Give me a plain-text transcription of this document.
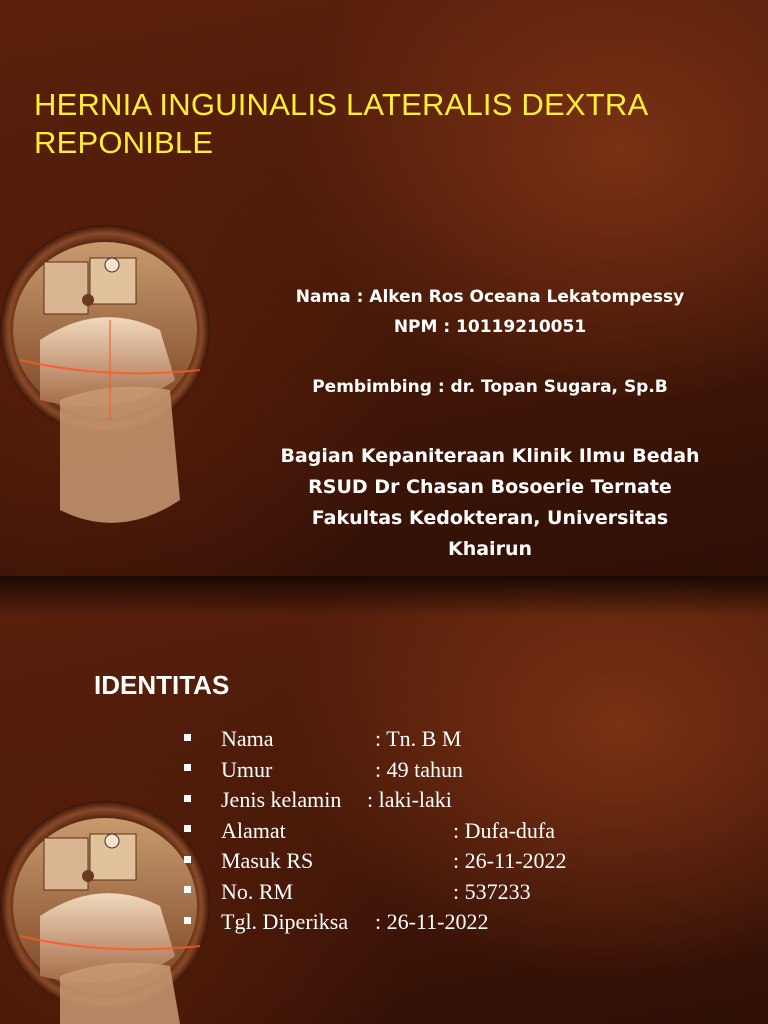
HERNIA INGUINALIS LATERALIS DEXTRA REPONIBLE
Nama : Alken Ros Oceana Lekatompessy
NPM : 10119210051
Pembimbing : dr. Topan Sugara, Sp.B
Bagian Kepaniteraan Klinik Ilmu Bedah
RSUD Dr Chasan Bosoerie Ternate
Fakultas Kedokteran, Universitas
Khairun
IDENTITAS
Nama	: Tn. B M
Umur	: 49 tahun
Jenis kelamin	: laki-laki
Alamat	: Dufa-dufa
Masuk RS	: 26-11-2022
No. RM	: 537233
Tgl. Diperiksa	: 26-11-2022
